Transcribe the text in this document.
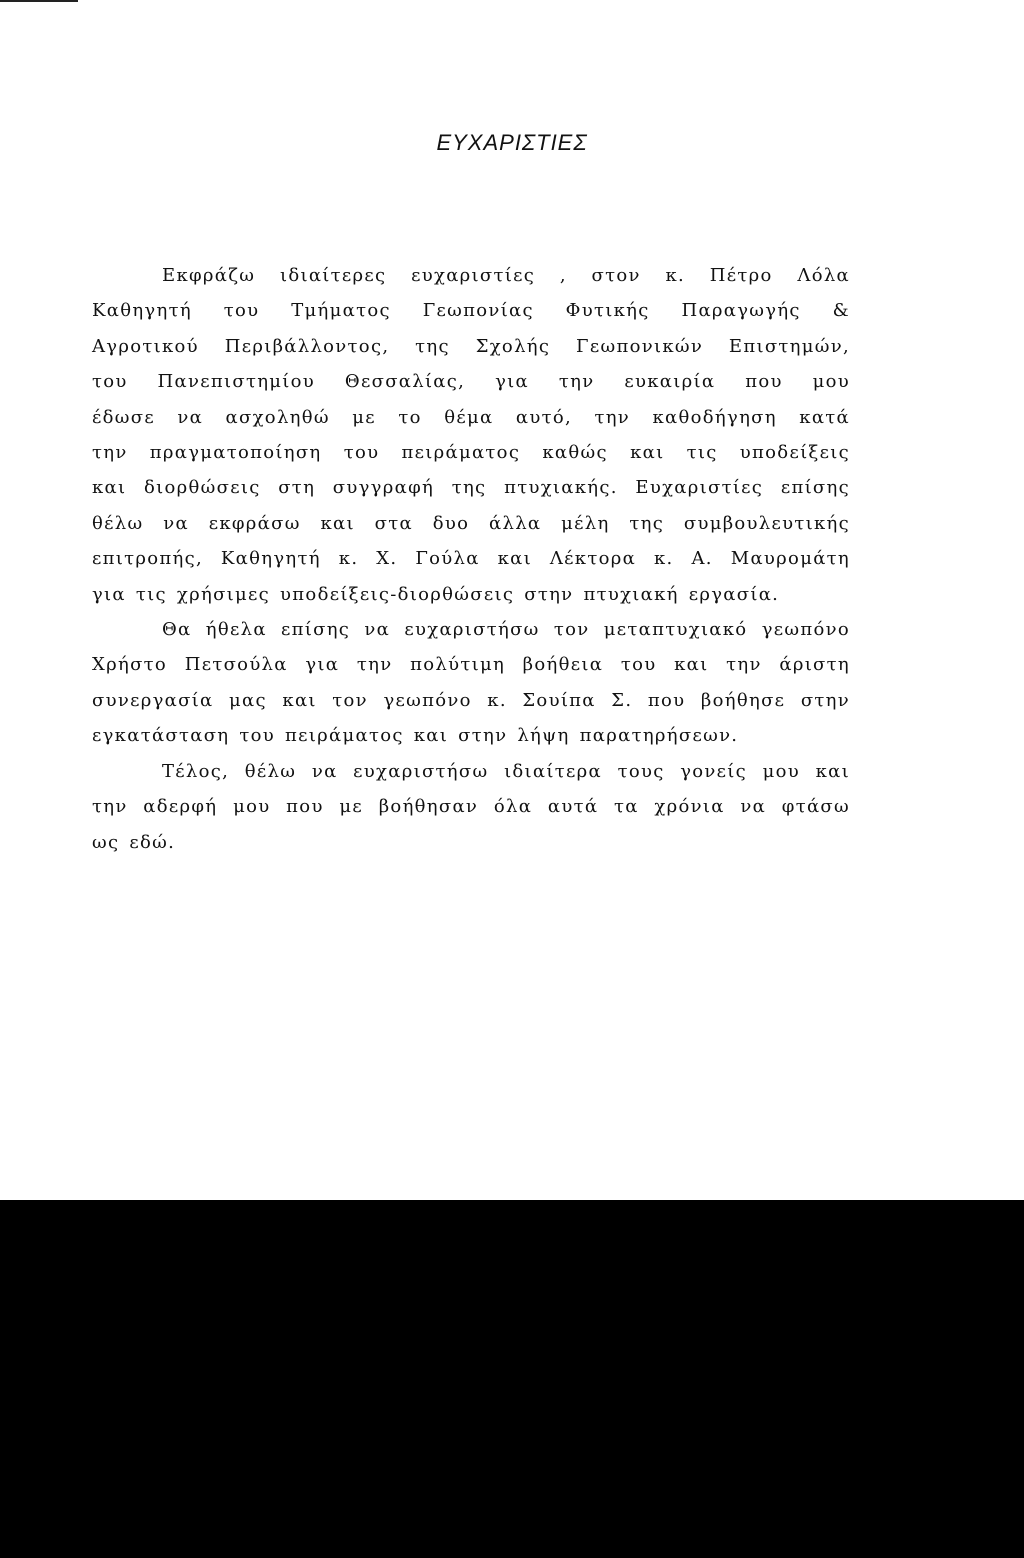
ΕΥΧΑΡΙΣΤΙΕΣ
Εκφράζω ιδιαίτερες ευχαριστίες , στον κ. Πέτρο Λόλα
Καθηγητή του Τμήματος Γεωπονίας Φυτικής Παραγωγής &
Αγροτικού Περιβάλλοντος, της Σχολής Γεωπονικών Επιστημών,
του Πανεπιστημίου Θεσσαλίας, για την ευκαιρία που μου
έδωσε να ασχοληθώ με το θέμα αυτό, την καθοδήγηση κατά
την πραγματοποίηση του πειράματος καθώς και τις υποδείξεις
και διορθώσεις στη συγγραφή της πτυχιακής. Ευχαριστίες επίσης
θέλω να εκφράσω και στα δυο άλλα μέλη της συμβουλευτικής
επιτροπής, Καθηγητή κ. Χ. Γούλα και Λέκτορα κ. Α. Μαυρομάτη
για τις χρήσιμες υποδείξεις-διορθώσεις στην πτυχιακή εργασία.
Θα ήθελα επίσης να ευχαριστήσω τον μεταπτυχιακό γεωπόνο
Χρήστο Πετσούλα για την πολύτιμη βοήθεια του και την άριστη
συνεργασία μας και τον γεωπόνο κ. Σουίπα Σ. που βοήθησε στην
εγκατάσταση του πειράματος και στην λήψη παρατηρήσεων.
Τέλος, θέλω να ευχαριστήσω ιδιαίτερα τους γονείς μου και
την αδερφή μου που με βοήθησαν όλα αυτά τα χρόνια να φτάσω
ως εδώ.
